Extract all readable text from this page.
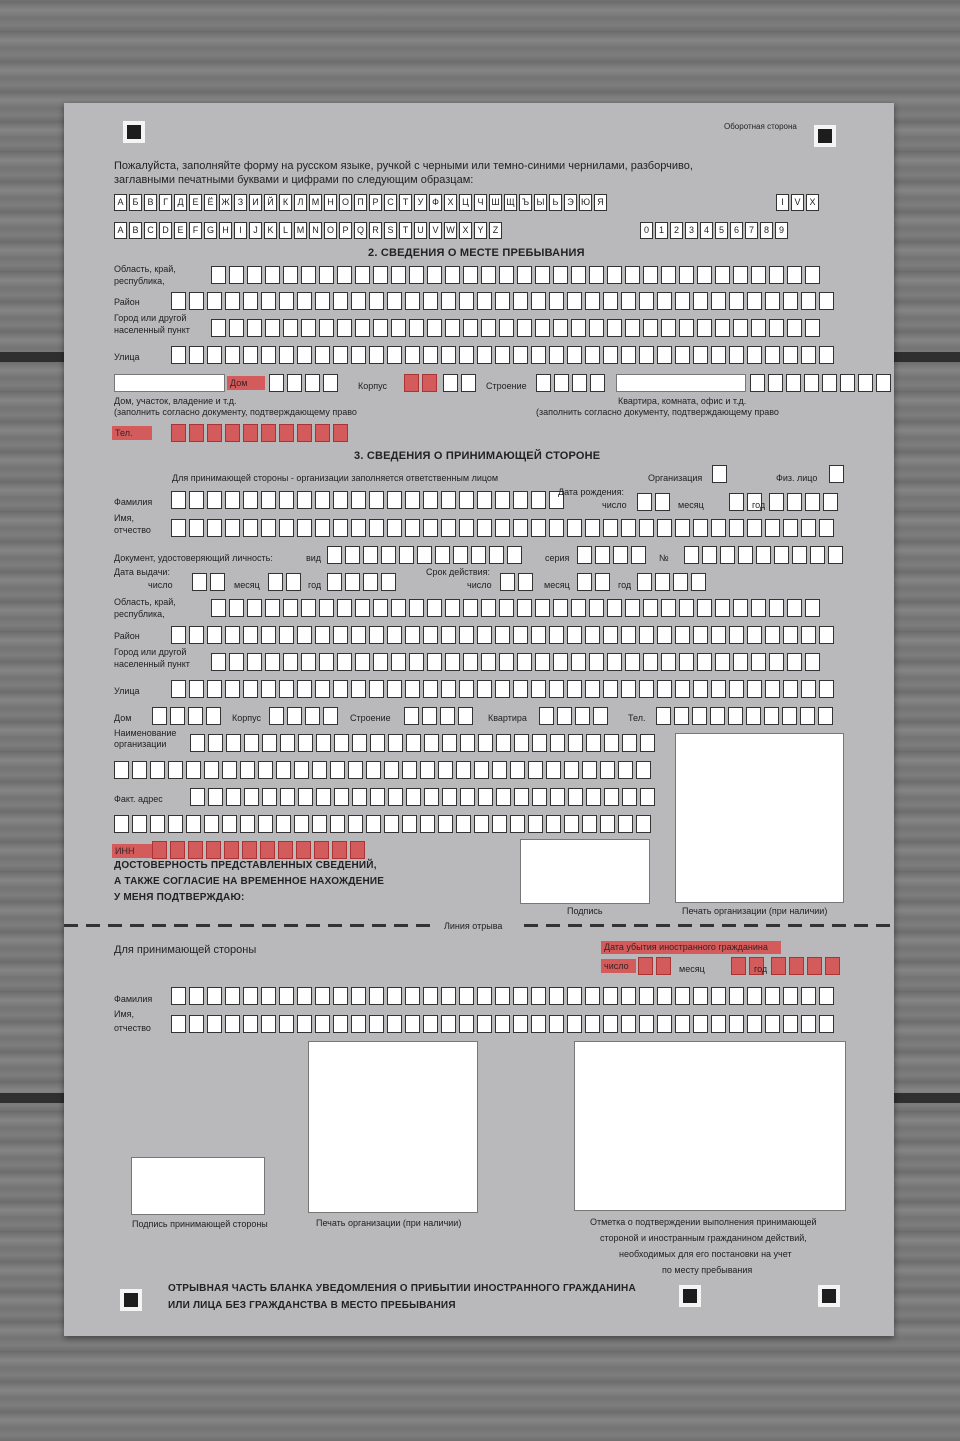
Оборотная сторона
Пожалуйста, заполняйте форму на русском языке, ручкой с черными или темно-синими чернилами, разборчиво,
заглавными печатными буквами и цифрами по следующим образцам:
А	Б	В	Г	Д Е Ё Ж З	И Й	К	Л М Н О П Р С	Т	У Ф Х Ц Ч Ш Щ Ъ Ы Ь Э Ю Я	I	V X
A B C D E	F G H	I	J	K	L M N O P Q R S	T	U V W X Y	Z	0	1	2	3	4	5	6	7	8	9
2. СВЕДЕНИЯ О МЕСТЕ ПРЕБЫВАНИЯ
Область, край,
республика,
Район
Город или другой
населенный пункт
Улица
Дом	Корпус	Строение
Дом, участок, владение и т.д.
(заполнить согласно документу, подтверждающему право
Квартира, комната, офис и т.д.
(заполнить согласно документу, подтверждающему право
Тел.
3. СВЕДЕНИЯ О ПРИНИМАЮЩЕЙ СТОРОНЕ
Для принимающей стороны - организации заполняется ответственным лицом	Организация	Физ. лицо
Фамилия
Дата рождения:
число	месяц	год
Имя,
отчество
Документ, удостоверяющий личность:	вид	серия	№
Дата выдачи:
число	месяц	год
Срок действия:
число	месяц	год
Область, край,
республика,
Район
Город или другой
населенный пункт
Улица
Дом	Корпус	Строение	Квартира	Тел.
Наименование
организации
Факт. адрес
ИНН
ДОСТОВЕРНОСТЬ ПРЕДСТАВЛЕННЫХ СВЕДЕНИЙ,
А ТАКЖЕ СОГЛАСИЕ НА ВРЕМЕННОЕ НАХОЖДЕНИЕ
У МЕНЯ ПОДТВЕРЖДАЮ:
Подпись	Печать организации (при наличии)
Линия отрыва
Для принимающей стороны	Дата убытия иностранного гражданина
число	месяц	год
Фамилия
Имя,
отчество
Подпись принимающей стороны	Печать организации (при наличии)	Отметка о подтверждении выполнения принимающей
стороной и иностранным гражданином действий,
необходимых для его постановки на учет
по месту пребывания
ОТРЫВНАЯ ЧАСТЬ БЛАНКА УВЕДОМЛЕНИЯ О ПРИБЫТИИ ИНОСТРАННОГО ГРАЖДАНИНА
ИЛИ ЛИЦА БЕЗ ГРАЖДАНСТВА В МЕСТО ПРЕБЫВАНИЯ
